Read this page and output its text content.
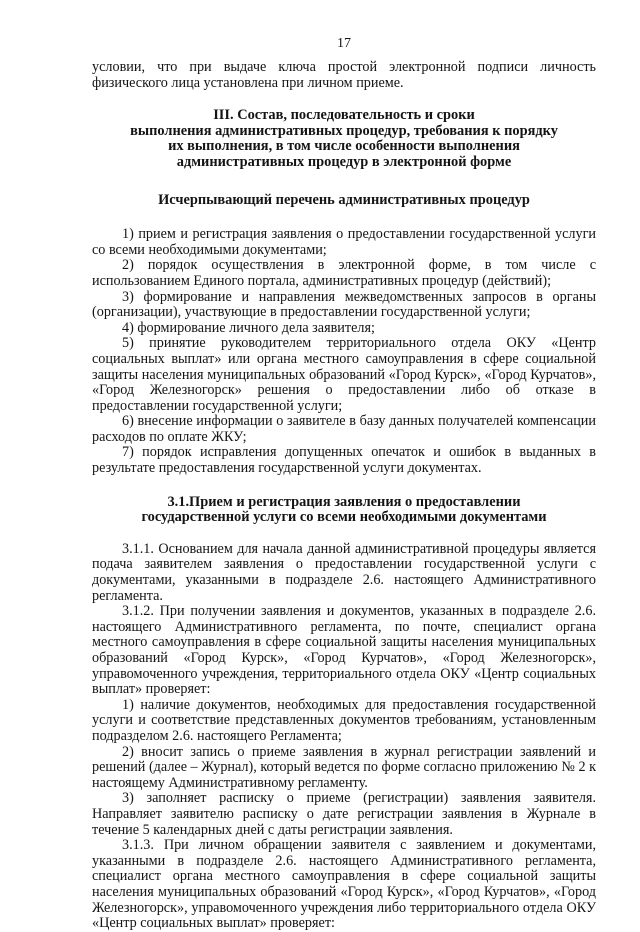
17

условии, что при выдаче ключа простой электронной подписи личность физического лица установлена при личном приеме.

III. Состав, последовательность и сроки

выполнения административных процедур, требования к порядку

их выполнения, в том числе особенности выполнения

административных процедур в электронной форме

Исчерпывающий перечень административных процедур

1) прием и регистрация заявления о предоставлении государственной услуги со всеми необходимыми документами;

2) порядок осуществления в электронной форме, в том числе с использованием Единого портала, административных процедур (действий);

3) формирование и направления межведомственных запросов в органы (организации), участвующие в предоставлении государственной услуги;

4) формирование личного дела заявителя;

5) принятие руководителем территориального отдела ОКУ «Центр социальных выплат» или органа местного самоуправления в сфере социальной защиты населения муниципальных образований «Город Курск», «Город Курчатов», «Город Железногорск» решения о предоставлении либо об отказе в предоставлении государственной услуги;

6) внесение информации о заявителе в базу данных получателей компенсации расходов по оплате ЖКУ;

7) порядок исправления допущенных опечаток и ошибок в выданных в результате предоставления государственной услуги документах.

3.1.Прием и регистрация заявления о предоставлении

государственной услуги со всеми необходимыми документами

3.1.1. Основанием для начала данной административной процедуры является подача заявителем заявления о предоставлении государственной услуги с документами, указанными в подразделе 2.6. настоящего Административного регламента.

3.1.2. При получении заявления и документов, указанных в подразделе 2.6. настоящего Административного регламента, по почте, специалист органа местного самоуправления в сфере социальной защиты населения муниципальных образований «Город Курск», «Город Курчатов», «Город Железногорск», управомоченного учреждения, территориального отдела ОКУ «Центр социальных выплат» проверяет:

1) наличие документов, необходимых для предоставления государственной услуги и соответствие представленных документов требованиям, установленным подразделом 2.6. настоящего Регламента;

2) вносит запись о приеме заявления в журнал регистрации заявлений и решений (далее – Журнал), который ведется по форме согласно приложению № 2 к настоящему Административному регламенту.

3) заполняет расписку о приеме (регистрации) заявления заявителя. Направляет заявителю расписку о дате регистрации заявления в Журнале в течение 5 календарных дней с даты регистрации заявления.

3.1.3. При личном обращении заявителя с заявлением и документами, указанными в подразделе 2.6. настоящего Административного регламента, специалист органа местного самоуправления в сфере социальной защиты населения муниципальных образований «Город Курск», «Город Курчатов», «Город Железногорск», управомоченного учреждения либо территориального отдела ОКУ «Центр социальных выплат» проверяет:
